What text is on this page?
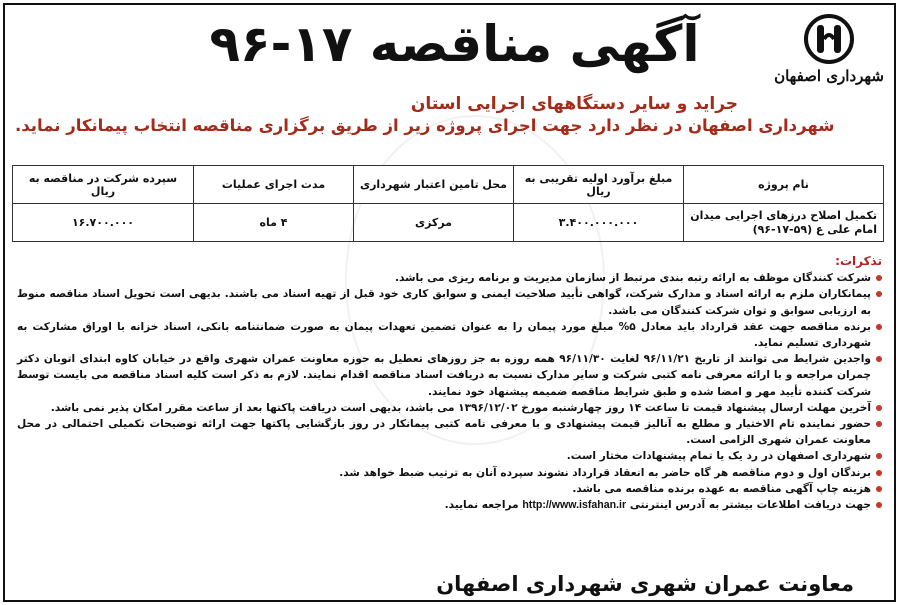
شهرداری اصفهان
آگهی مناقصه ۱۷-۹۶
جراید و سایر دستگاههای اجرایی استان
شهرداری اصفهان در نظر دارد جهت اجرای پروژه زیر از طریق برگزاری مناقصه انتخاب پیمانکار نماید.
نام پروژه	مبلغ برآورد اولیه تقریبی به ریال	محل تامین اعتبار شهرداری	مدت اجرای عملیات	سپرده شرکت در مناقصه به ریال
تکمیل اصلاح درزهای اجرایی میدان امام علی ع (۵۹-۱۷-۹۶)	۳.۴۰۰.۰۰۰.۰۰۰	مرکزی	۴ ماه	۱۶.۷۰۰.۰۰۰
تذکرات:
شرکت کنندگان موظف به ارائه رتبه بندی مرتبط از سازمان مدیریت و برنامه ریزی می باشد.
پیمانکاران ملزم به ارائه اسناد و مدارک شرکت، گواهی تأیید صلاحیت ایمنی و سوابق کاری خود قبل از تهیه اسناد می باشند. بدیهی است تحویل اسناد مناقصه منوط به ارزیابی سوابق و توان شرکت کنندگان می باشد.
برنده مناقصه جهت عقد قرارداد باید معادل ۵% مبلغ مورد پیمان را به عنوان تضمین تعهدات پیمان به صورت ضمانتنامه بانکی، اسناد خزانه با اوراق مشارکت به شهرداری تسلیم نماید.
واجدین شرایط می توانند از تاریخ ۹۶/۱۱/۲۱ لغایت ۹۶/۱۱/۳۰ همه روزه به جز روزهای تعطیل به حوزه معاونت عمران شهری واقع در خیابان کاوه ابتدای اتوبان دکتر چمران مراجعه و با ارائه معرفی نامه کتبی شرکت و سایر مدارک نسبت به دریافت اسناد مناقصه اقدام نمایند. لازم به ذکر است کلیه اسناد مناقصه می بایست توسط شرکت کننده تأیید مهر و امضا شده و طبق شرایط مناقصه ضمیمه پیشنهاد خود نمایند.
آخرین مهلت ارسال پیشنهاد قیمت تا ساعت ۱۴ روز چهارشنبه مورخ ۱۳۹۶/۱۲/۰۲ می باشد، بدیهی است دریافت پاکتها بعد از ساعت مقرر امکان پذیر نمی باشد.
حضور نماینده تام الاختیار و مطلع به آنالیز قیمت پیشنهادی و با معرفی نامه کتبی پیمانکار در روز بازگشایی پاکتها جهت ارائه توضیحات تکمیلی احتمالی در محل معاونت عمران شهری الزامی است.
شهرداری اصفهان در رد یک یا تمام پیشنهادات مختار است.
برندگان اول و دوم مناقصه هر گاه حاضر به انعقاد قرارداد نشوند سپرده آنان به ترتیب ضبط خواهد شد.
هزینه چاپ آگهی مناقصه به عهده برنده مناقصه می باشد.
جهت دریافت اطلاعات بیشتر به آدرس اینترنتی http://www.isfahan.ir مراجعه نمایید.
معاونت عمران شهری شهرداری اصفهان
